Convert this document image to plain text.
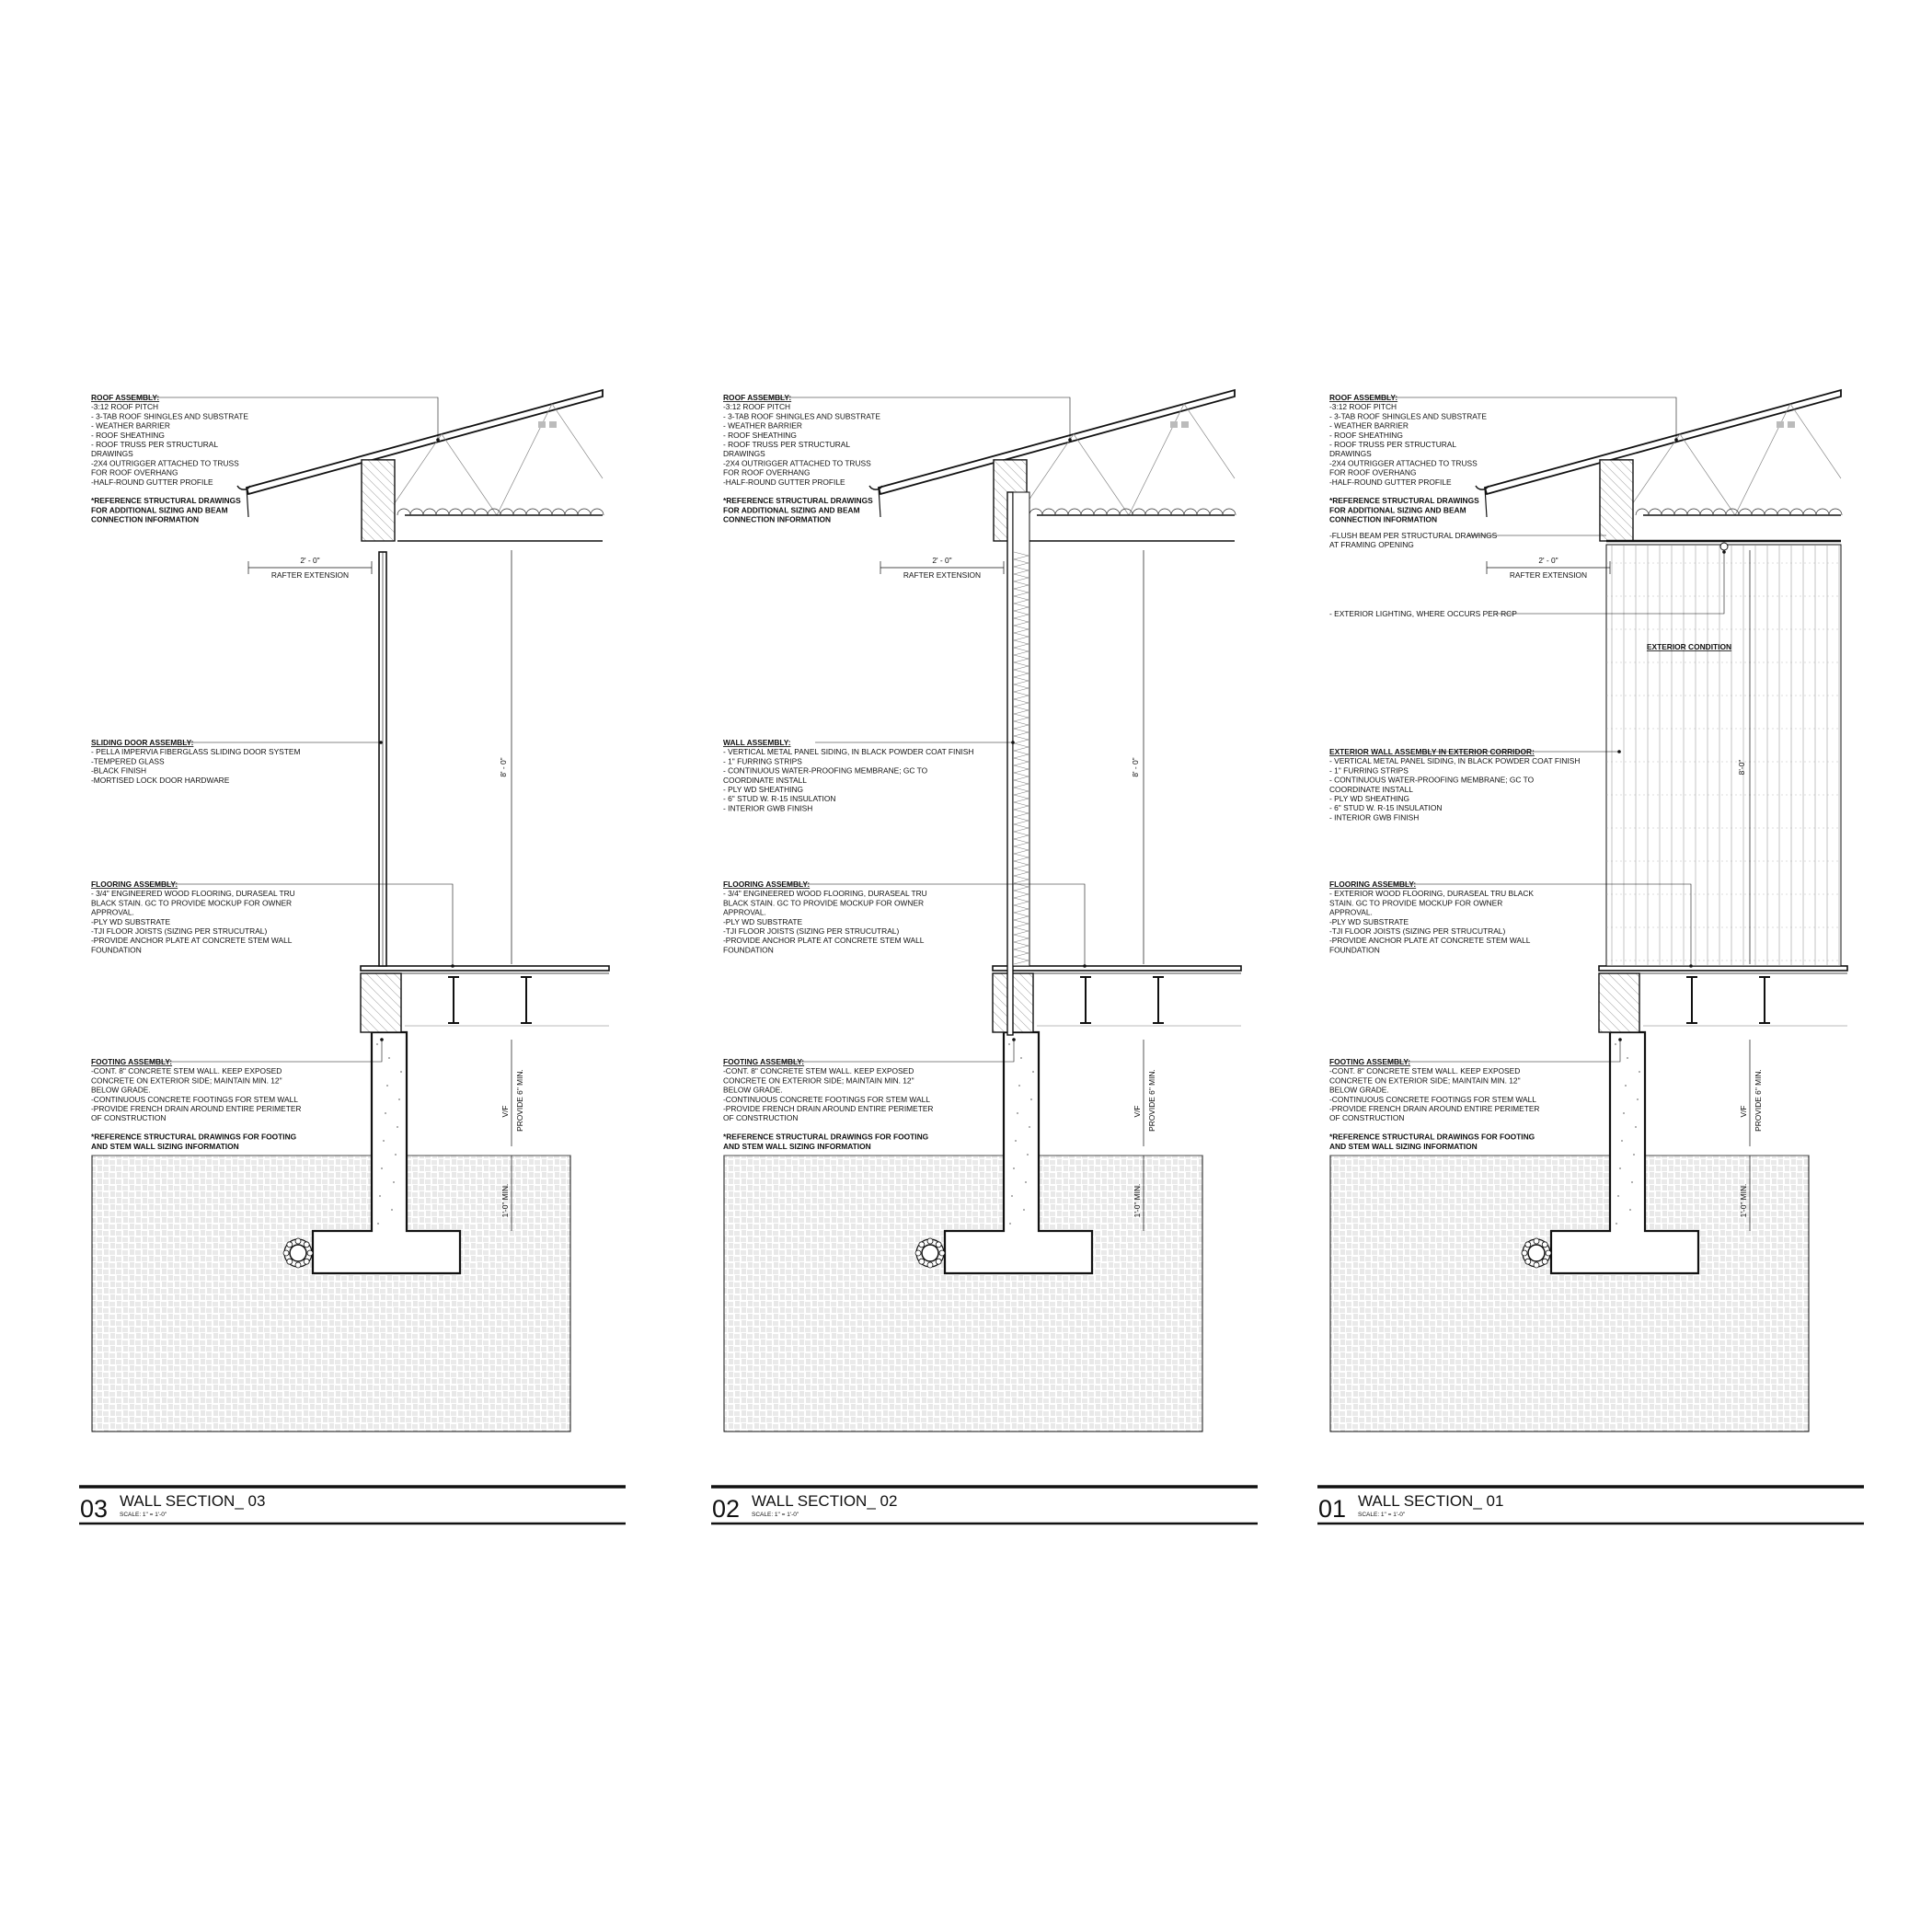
8' - 0"
2' - 0"
RAFTER EXTENSION
V/F PROVIDE 6" MIN.
1'-0" MIN.
ROOF ASSEMBLY:
-3:12 ROOF PITCH
- 3-TAB ROOF SHINGLES AND SUBSTRATE
- WEATHER BARRIER
- ROOF SHEATHING
- ROOF TRUSS PER STRUCTURAL
DRAWINGS
-2X4 OUTRIGGER ATTACHED TO TRUSS
FOR ROOF OVERHANG
-HALF-ROUND GUTTER PROFILE
*REFERENCE STRUCTURAL DRAWINGS
FOR ADDITIONAL SIZING AND BEAM
CONNECTION INFORMATION
SLIDING DOOR ASSEMBLY:
- PELLA IMPERVIA FIBERGLASS SLIDING DOOR SYSTEM
-TEMPERED GLASS
-BLACK FINISH
-MORTISED LOCK DOOR HARDWARE
FLOORING ASSEMBLY:
- 3/4" ENGINEERED WOOD FLOORING, DURASEAL TRU
BLACK STAIN. GC TO PROVIDE MOCKUP FOR OWNER
APPROVAL.
-PLY WD SUBSTRATE
-TJI FLOOR JOISTS (SIZING PER STRUCUTRAL)
-PROVIDE ANCHOR PLATE AT CONCRETE STEM WALL
FOUNDATION
FOOTING ASSEMBLY:
-CONT. 8" CONCRETE STEM WALL. KEEP EXPOSED
CONCRETE ON EXTERIOR SIDE; MAINTAIN MIN. 12"
BELOW GRADE.
-CONTINUOUS CONCRETE FOOTINGS FOR STEM WALL
-PROVIDE FRENCH DRAIN AROUND ENTIRE PERIMETER
OF CONSTRUCTION
*REFERENCE STRUCTURAL DRAWINGS FOR FOOTING
AND STEM WALL SIZING INFORMATION
03 WALL SECTION_ 03
SCALE: 1" = 1'-0"
8' - 0"
2' - 0"
RAFTER EXTENSION
V/F PROVIDE 6" MIN.
1'-0" MIN.
ROOF ASSEMBLY:
-3:12 ROOF PITCH
- 3-TAB ROOF SHINGLES AND SUBSTRATE
- WEATHER BARRIER
- ROOF SHEATHING
- ROOF TRUSS PER STRUCTURAL
DRAWINGS
-2X4 OUTRIGGER ATTACHED TO TRUSS
FOR ROOF OVERHANG
-HALF-ROUND GUTTER PROFILE
*REFERENCE STRUCTURAL DRAWINGS
FOR ADDITIONAL SIZING AND BEAM
CONNECTION INFORMATION
WALL ASSEMBLY:
- VERTICAL METAL PANEL SIDING, IN BLACK POWDER COAT FINISH
- 1" FURRING STRIPS
- CONTINUOUS WATER-PROOFING MEMBRANE; GC TO
COORDINATE INSTALL
- PLY WD SHEATHING
- 6" STUD W. R-15 INSULATION
- INTERIOR GWB FINISH
FLOORING ASSEMBLY:
- 3/4" ENGINEERED WOOD FLOORING, DURASEAL TRU
BLACK STAIN. GC TO PROVIDE MOCKUP FOR OWNER
APPROVAL.
-PLY WD SUBSTRATE
-TJI FLOOR JOISTS (SIZING PER STRUCUTRAL)
-PROVIDE ANCHOR PLATE AT CONCRETE STEM WALL
FOUNDATION
FOOTING ASSEMBLY:
-CONT. 8" CONCRETE STEM WALL. KEEP EXPOSED
CONCRETE ON EXTERIOR SIDE; MAINTAIN MIN. 12"
BELOW GRADE.
-CONTINUOUS CONCRETE FOOTINGS FOR STEM WALL
-PROVIDE FRENCH DRAIN AROUND ENTIRE PERIMETER
OF CONSTRUCTION
*REFERENCE STRUCTURAL DRAWINGS FOR FOOTING
AND STEM WALL SIZING INFORMATION
02 WALL SECTION_ 02
SCALE: 1" = 1'-0"
8'-0"
2' - 0"
RAFTER EXTENSION
V/F PROVIDE 6" MIN.
1'-0" MIN.
ROOF ASSEMBLY:
-3:12 ROOF PITCH
- 3-TAB ROOF SHINGLES AND SUBSTRATE
- WEATHER BARRIER
- ROOF SHEATHING
- ROOF TRUSS PER STRUCTURAL
DRAWINGS
-2X4 OUTRIGGER ATTACHED TO TRUSS
FOR ROOF OVERHANG
-HALF-ROUND GUTTER PROFILE
*REFERENCE STRUCTURAL DRAWINGS
FOR ADDITIONAL SIZING AND BEAM
CONNECTION INFORMATION
EXTERIOR WALL ASSEMBLY IN EXTERIOR CORRIDOR:
- VERTICAL METAL PANEL SIDING, IN BLACK POWDER COAT FINISH
- 1" FURRING STRIPS
- CONTINUOUS WATER-PROOFING MEMBRANE; GC TO
COORDINATE INSTALL
- PLY WD SHEATHING
- 6" STUD W. R-15 INSULATION
- INTERIOR GWB FINISH
FLOORING ASSEMBLY:
- EXTERIOR WOOD FLOORING, DURASEAL TRU BLACK
STAIN. GC TO PROVIDE MOCKUP FOR OWNER
APPROVAL.
-PLY WD SUBSTRATE
-TJI FLOOR JOISTS (SIZING PER STRUCUTRAL)
-PROVIDE ANCHOR PLATE AT CONCRETE STEM WALL
FOUNDATION
FOOTING ASSEMBLY:
-CONT. 8" CONCRETE STEM WALL. KEEP EXPOSED
CONCRETE ON EXTERIOR SIDE; MAINTAIN MIN. 12"
BELOW GRADE.
-CONTINUOUS CONCRETE FOOTINGS FOR STEM WALL
-PROVIDE FRENCH DRAIN AROUND ENTIRE PERIMETER
OF CONSTRUCTION
*REFERENCE STRUCTURAL DRAWINGS FOR FOOTING
AND STEM WALL SIZING INFORMATION
-FLUSH BEAM PER STRUCTURAL DRAWINGS
AT FRAMING OPENING
- EXTERIOR LIGHTING, WHERE OCCURS PER RCP
EXTERIOR CONDITION
01 WALL SECTION_ 01
SCALE: 1" = 1'-0"
